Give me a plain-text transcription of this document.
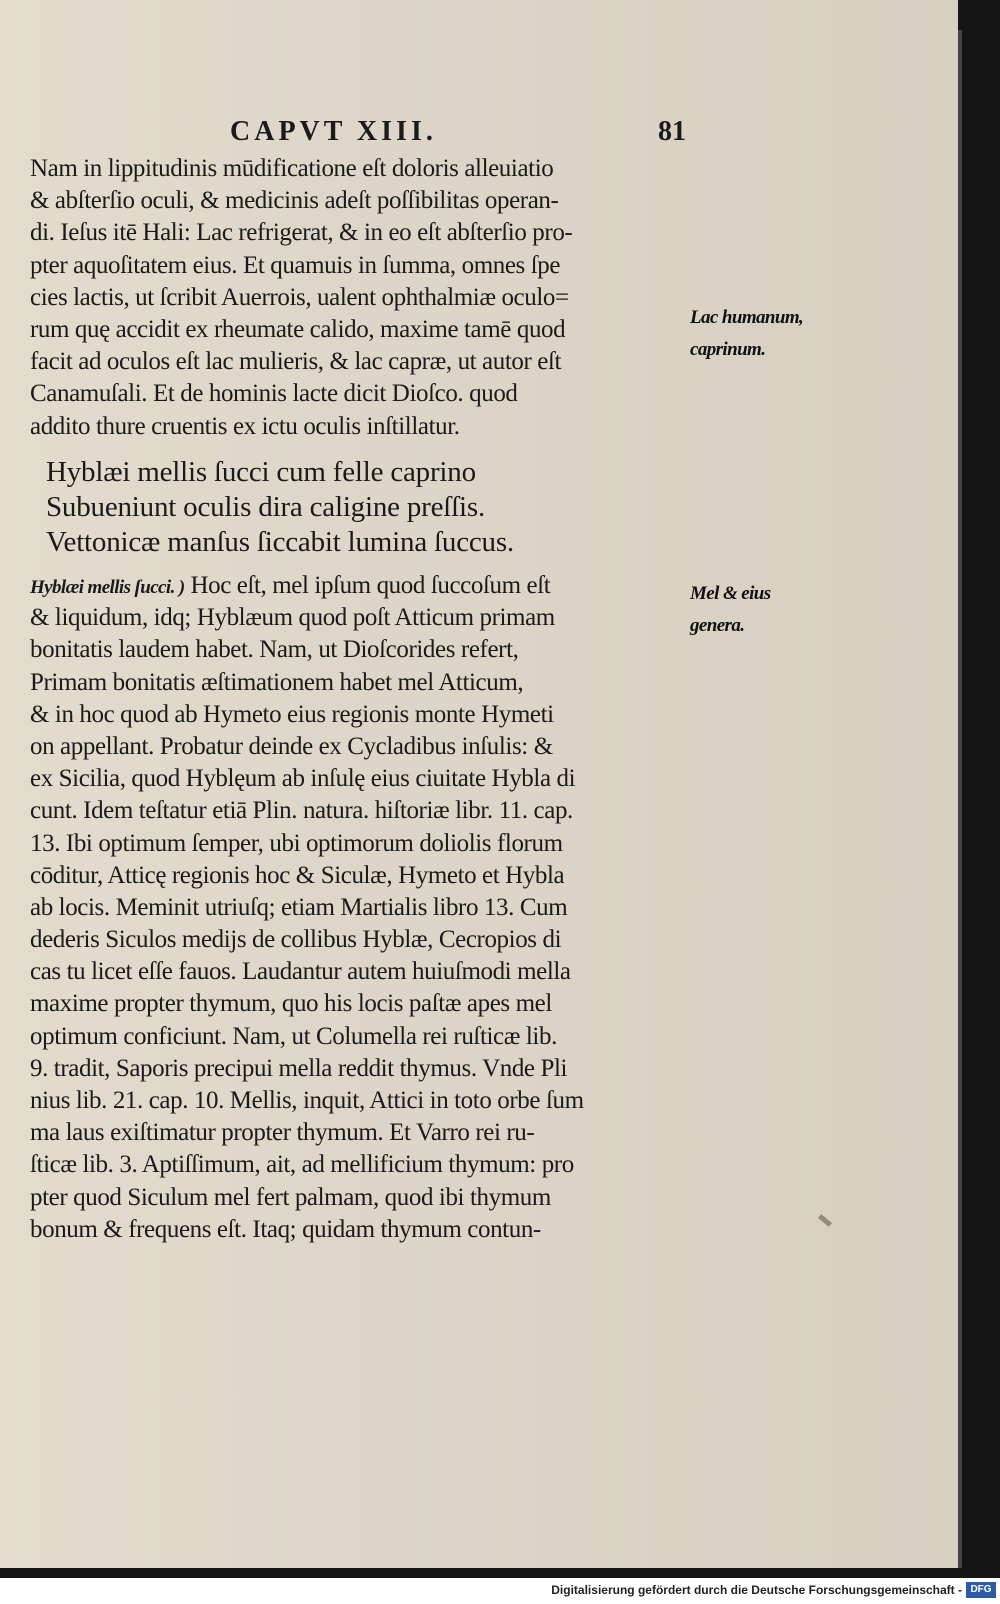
CAPVT XIII.	81
Nam in lippitudinis mūdificatione eſt doloris alleuiatio
& abſterſio oculi, & medicinis adeſt poſſibilitas operan-
di. Ieſus itē Hali: Lac refrigerat, & in eo eſt abſterſio pro-
pter aquoſitatem eius. Et quamuis in ſumma, omnes ſpe
cies lactis, ut ſcribit Auerrois, ualent ophthalmiæ oculo=
rum quę accidit ex rheumate calido, maxime tamē quod
facit ad oculos eſt lac mulieris, & lac capræ, ut autor eſt
Canamuſali. Et de hominis lacte dicit Dioſco. quod
addito thure cruentis ex ictu oculis inſtillatur.
Lac humanum,
caprinum.
Hyblæi mellis ſucci cum felle caprino
Subueniunt oculis dira caligine preſſis.
Vettonicæ manſus ſiccabit lumina ſuccus.
Hyblæi mellis ſucci. ) Hoc eſt, mel ipſum quod ſuccoſum eſt
& liquidum, idq; Hyblæum quod poſt Atticum primam
bonitatis laudem habet. Nam, ut Dioſcorides refert,
Primam bonitatis æſtimationem habet mel Atticum,
& in hoc quod ab Hymeto eius regionis monte Hymeti
on appellant. Probatur deinde ex Cycladibus inſulis: &
ex Sicilia, quod Hyblęum ab inſulę eius ciuitate Hybla di
cunt. Idem teſtatur etiā Plin. natura. hiſtoriæ libr. 11. cap.
13. Ibi optimum ſemper, ubi optimorum doliolis florum
cōditur, Atticę regionis hoc & Siculæ, Hymeto et Hybla
ab locis. Meminit utriuſq; etiam Martialis libro 13. Cum
dederis Siculos medijs de collibus Hyblæ, Cecropios di
cas tu licet eſſe fauos. Laudantur autem huiuſmodi mella
maxime propter thymum, quo his locis paſtæ apes mel
optimum conficiunt. Nam, ut Columella rei ruſticæ lib.
9. tradit, Saporis precipui mella reddit thymus. Vnde Pli
nius lib. 21. cap. 10. Mellis, inquit, Attici in toto orbe ſum
ma laus exiſtimatur propter thymum. Et Varro rei ru-
ſticæ lib. 3. Aptiſſimum, ait, ad mellificium thymum: pro
pter quod Siculum mel fert palmam, quod ibi thymum
bonum & frequens eſt. Itaq; quidam thymum contun-
Mel & eius
genera.
Digitalisierung gefördert durch die Deutsche Forschungsgemeinschaft - DFG
